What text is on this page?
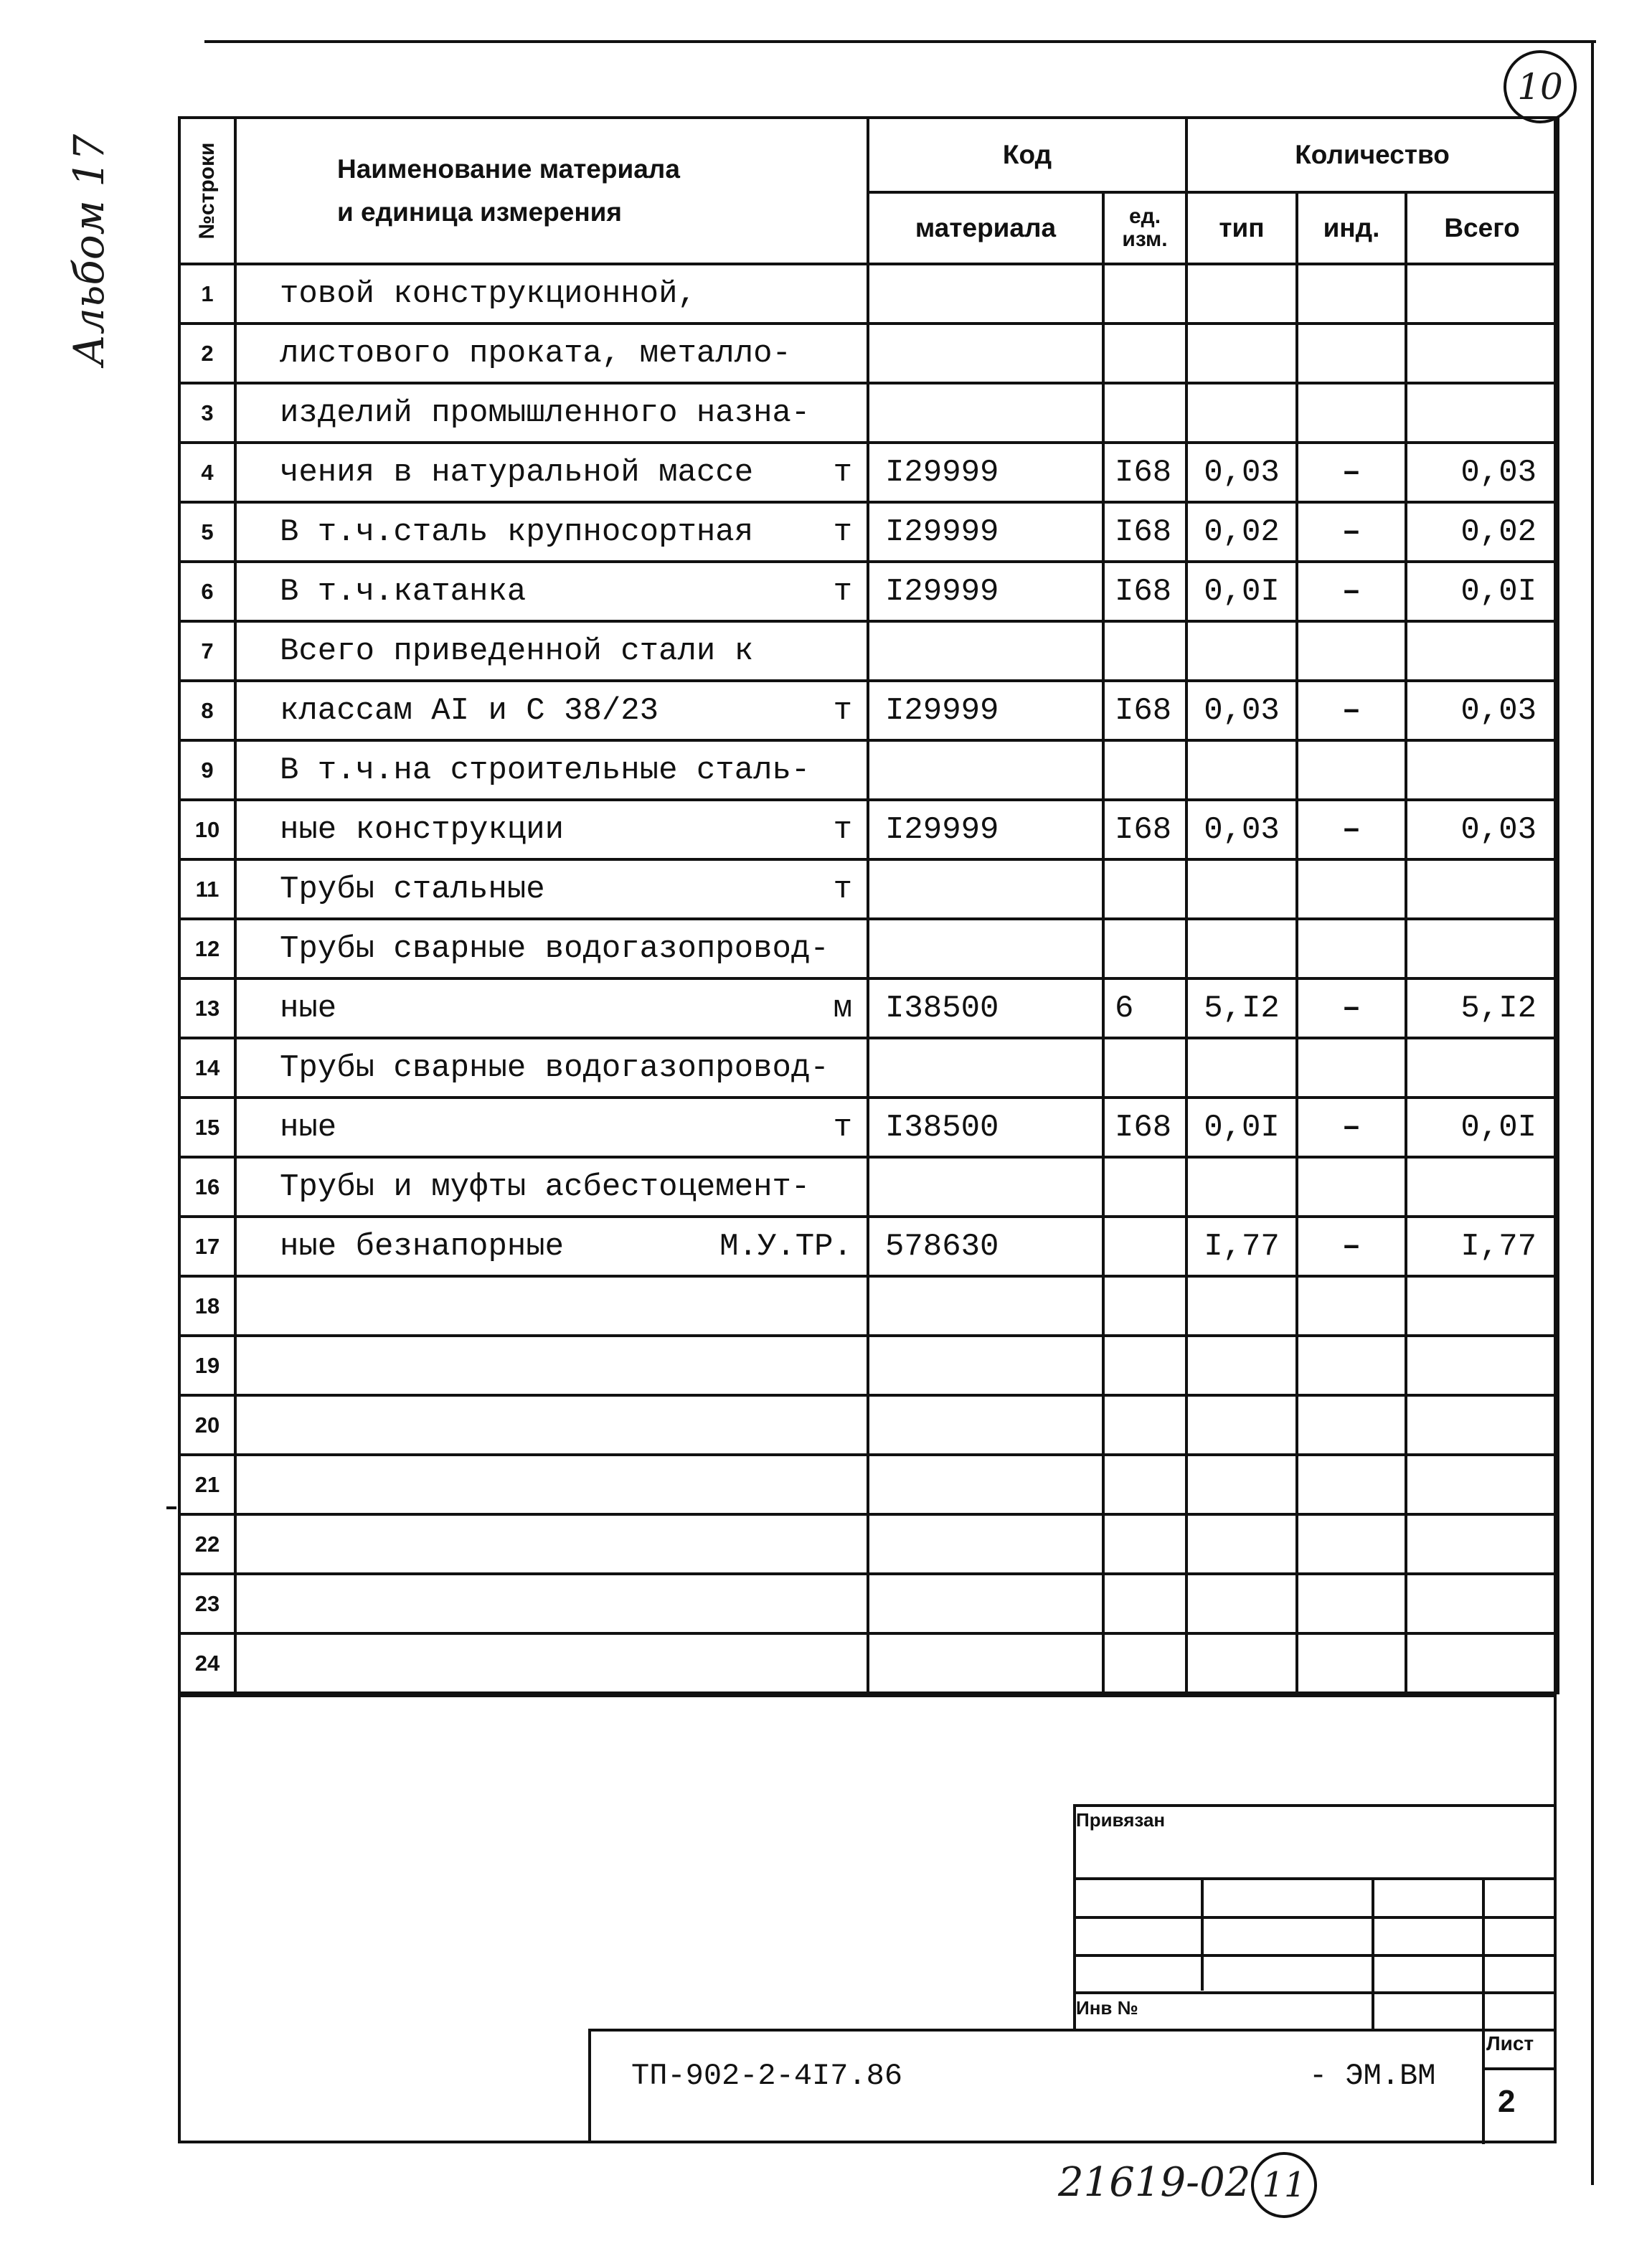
10
Альбом 17	№строки	Наименование материала
и единица измерения	Код		Количество		
		материала	ед. изм.	тип	инд.	Всего
1	товой конструкционной,

2	листового проката, металло-

3	изделий промышленного назна-

4	чения в натуральной массе т	I29999	I68	0,03	–	0,03
5	В т.ч.сталь крупносортная т	I29999	I68	0,02	–	0,02
6	В т.ч.катанка т	I29999	I68	0,0I	–	0,0I
7	Всего приведенной стали к

8	классам AI и С 38/23 т	I29999	I68	0,03	–	0,03
9	В т.ч.на строительные сталь-

10	ные конструкции т	I29999	I68	0,03	–	0,03
11	Трубы стальные т					

12	Трубы сварные водогазопровод-

13	ные м	I38500	6	5,I2	–	5,I2
14	Трубы сварные водогазопровод-

15	ные т	I38500	I68	0,0I	–	0,0I
16	Трубы и муфты асбестоцемент-

17	ные безнапорные М.У.ТР.	578630		I,77	–	I,77
18	

19	

20	

21	

22	

23	

24	

Привязан
Инв №
ТП-902-2-4I7.86	- ЭМ.ВМ
Лист
2
21619-02 11
